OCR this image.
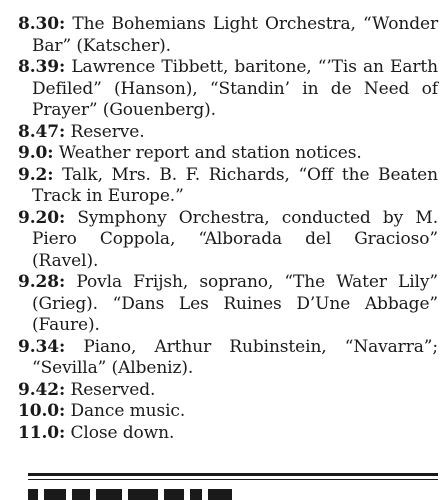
8.30: The Bohemians Light Orchestra, “Wonder Bar” (Katscher).

8.39: Lawrence Tibbett, baritone, “’Tis an Earth Defiled” (Hanson), “Standin’ in de Need of Prayer” (Gouenberg).

8.47: Reserve.

9.0: Weather report and station notices.

9.2: Talk, Mrs. B. F. Richards, “Off the Beaten Track in Europe.”

9.20: Symphony Orchestra, conducted by M. Piero Coppola, “Alborada del Gracioso” (Ravel).

9.28: Povla Frijsh, soprano, “The Water Lily” (Grieg). “Dans Les Ruines D’Une Abbage” (Faure).

9.34: Piano, Arthur Rubinstein, “Navarra”; “Sevilla” (Albeniz).

9.42: Reserved.

10.0: Dance music.

11.0: Close down.
